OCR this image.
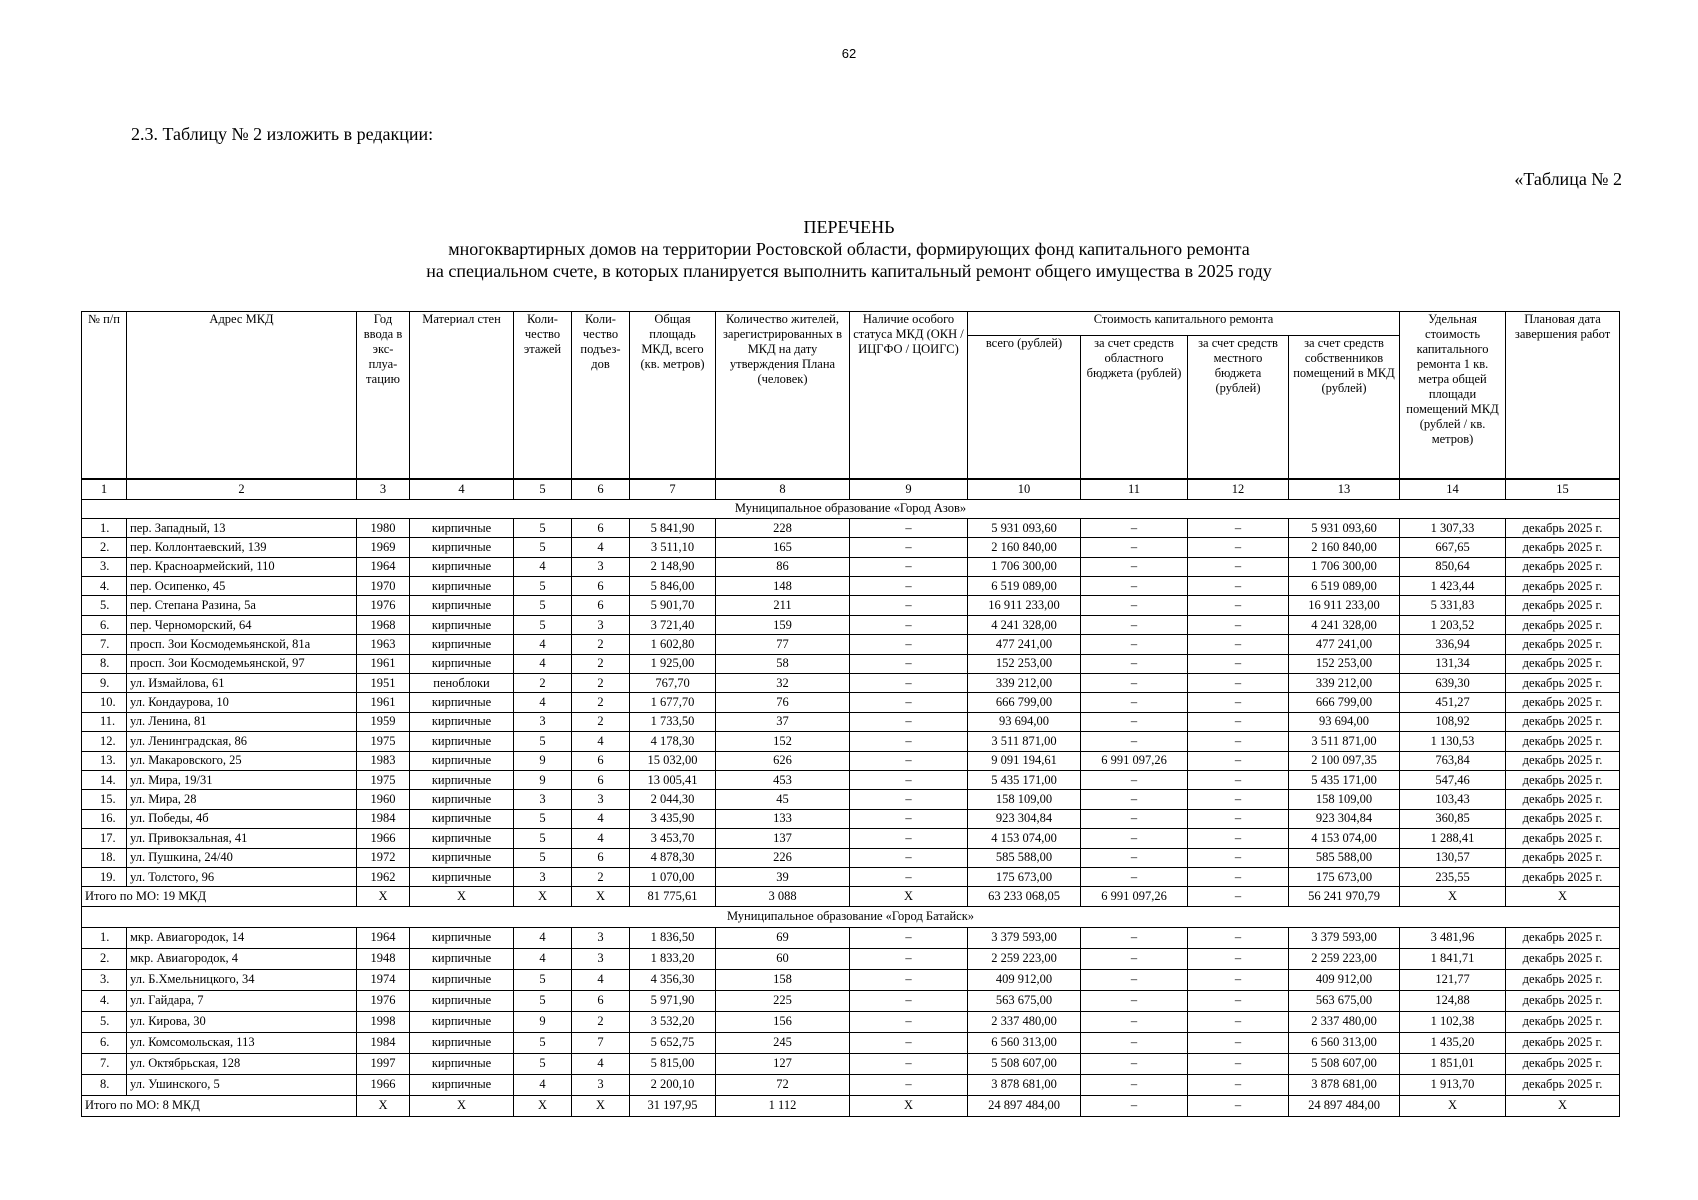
62
2.3. Таблицу № 2 изложить в редакции:
«Таблица № 2
ПЕРЕЧЕНЬ
многоквартирных домов на территории Ростовской области, формирующих фонд капитального ремонта
на специальном счете, в которых планируется выполнить капитальный ремонт общего имущества в 2025 году
№ п/п	Адрес МКД	Год ввода в экс-плуа-тацию	Материал стен	Коли-чество этажей	Коли-чество подъез-дов	Общая площадь МКД, всего (кв. метров)	Количество жителей, зарегистрированных в МКД на дату утверждения Плана (человек)	Наличие особого статуса МКД (ОКН / ИЦГФО / ЦОИГС)	Стоимость капитального ремонта				Удельная стоимость капитального ремонта 1 кв. метра общей площади помещений МКД (рублей / кв. метров)	Плановая дата завершения работ
									всего (рублей)	за счет средств областного бюджета (рублей)	за счет средств местного бюджета (рублей)	за счет средств собственников помещений в МКД (рублей)		
1	2	3	4	5	6	7	8	9	10	11	12	13	14	15
Муниципальное образование «Город Азов»														
1.	пер. Западный, 13	1980	кирпичные	5	6	5 841,90	228	–	5 931 093,60	–	–	5 931 093,60	1 307,33	декабрь 2025 г.
2.	пер. Коллонтаевский, 139	1969	кирпичные	5	4	3 511,10	165	–	2 160 840,00	–	–	2 160 840,00	667,65	декабрь 2025 г.
3.	пер. Красноармейский, 110	1964	кирпичные	4	3	2 148,90	86	–	1 706 300,00	–	–	1 706 300,00	850,64	декабрь 2025 г.
4.	пер. Осипенко, 45	1970	кирпичные	5	6	5 846,00	148	–	6 519 089,00	–	–	6 519 089,00	1 423,44	декабрь 2025 г.
5.	пер. Степана Разина, 5а	1976	кирпичные	5	6	5 901,70	211	–	16 911 233,00	–	–	16 911 233,00	5 331,83	декабрь 2025 г.
6.	пер. Черноморский, 64	1968	кирпичные	5	3	3 721,40	159	–	4 241 328,00	–	–	4 241 328,00	1 203,52	декабрь 2025 г.
7.	просп. Зои Космодемьянской, 81а	1963	кирпичные	4	2	1 602,80	77	–	477 241,00	–	–	477 241,00	336,94	декабрь 2025 г.
8.	просп. Зои Космодемьянской, 97	1961	кирпичные	4	2	1 925,00	58	–	152 253,00	–	–	152 253,00	131,34	декабрь 2025 г.
9.	ул. Измайлова, 61	1951	пеноблоки	2	2	767,70	32	–	339 212,00	–	–	339 212,00	639,30	декабрь 2025 г.
10.	ул. Кондаурова, 10	1961	кирпичные	4	2	1 677,70	76	–	666 799,00	–	–	666 799,00	451,27	декабрь 2025 г.
11.	ул. Ленина, 81	1959	кирпичные	3	2	1 733,50	37	–	93 694,00	–	–	93 694,00	108,92	декабрь 2025 г.
12.	ул. Ленинградская, 86	1975	кирпичные	5	4	4 178,30	152	–	3 511 871,00	–	–	3 511 871,00	1 130,53	декабрь 2025 г.
13.	ул. Макаровского, 25	1983	кирпичные	9	6	15 032,00	626	–	9 091 194,61	6 991 097,26	–	2 100 097,35	763,84	декабрь 2025 г.
14.	ул. Мира, 19/31	1975	кирпичные	9	6	13 005,41	453	–	5 435 171,00	–	–	5 435 171,00	547,46	декабрь 2025 г.
15.	ул. Мира, 28	1960	кирпичные	3	3	2 044,30	45	–	158 109,00	–	–	158 109,00	103,43	декабрь 2025 г.
16.	ул. Победы, 4б	1984	кирпичные	5	4	3 435,90	133	–	923 304,84	–	–	923 304,84	360,85	декабрь 2025 г.
17.	ул. Привокзальная, 41	1966	кирпичные	5	4	3 453,70	137	–	4 153 074,00	–	–	4 153 074,00	1 288,41	декабрь 2025 г.
18.	ул. Пушкина, 24/40	1972	кирпичные	5	6	4 878,30	226	–	585 588,00	–	–	585 588,00	130,57	декабрь 2025 г.
19.	ул. Толстого, 96	1962	кирпичные	3	2	1 070,00	39	–	175 673,00	–	–	175 673,00	235,55	декабрь 2025 г.
Итого по МО: 19 МКД		X	X	X	X	81 775,61	3 088	X	63 233 068,05	6 991 097,26	–	56 241 970,79	X	X
Муниципальное образование «Город Батайск»														
1.	мкр. Авиагородок, 14	1964	кирпичные	4	3	1 836,50	69	–	3 379 593,00	–	–	3 379 593,00	3 481,96	декабрь 2025 г.
2.	мкр. Авиагородок, 4	1948	кирпичные	4	3	1 833,20	60	–	2 259 223,00	–	–	2 259 223,00	1 841,71	декабрь 2025 г.
3.	ул. Б.Хмельницкого, 34	1974	кирпичные	5	4	4 356,30	158	–	409 912,00	–	–	409 912,00	121,77	декабрь 2025 г.
4.	ул. Гайдара, 7	1976	кирпичные	5	6	5 971,90	225	–	563 675,00	–	–	563 675,00	124,88	декабрь 2025 г.
5.	ул. Кирова, 30	1998	кирпичные	9	2	3 532,20	156	–	2 337 480,00	–	–	2 337 480,00	1 102,38	декабрь 2025 г.
6.	ул. Комсомольская, 113	1984	кирпичные	5	7	5 652,75	245	–	6 560 313,00	–	–	6 560 313,00	1 435,20	декабрь 2025 г.
7.	ул. Октябрьская, 128	1997	кирпичные	5	4	5 815,00	127	–	5 508 607,00	–	–	5 508 607,00	1 851,01	декабрь 2025 г.
8.	ул. Ушинского, 5	1966	кирпичные	4	3	2 200,10	72	–	3 878 681,00	–	–	3 878 681,00	1 913,70	декабрь 2025 г.
Итого по МО: 8 МКД		X	X	X	X	31 197,95	1 112	X	24 897 484,00	–	–	24 897 484,00	X	X
